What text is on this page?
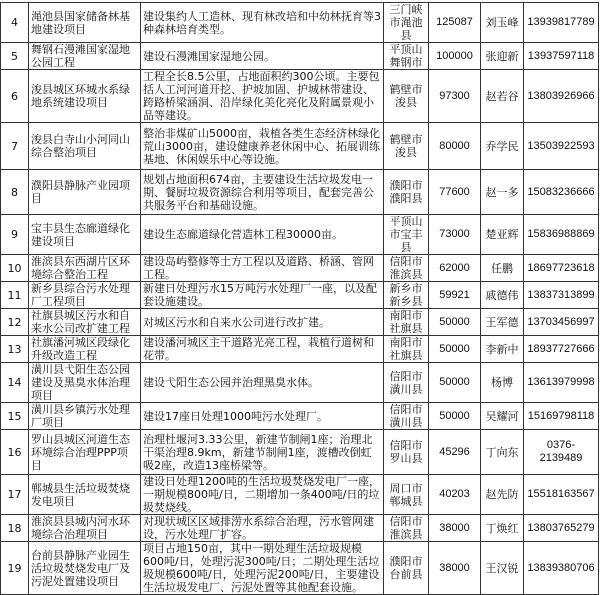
4	渑池县国家储备林基地建设项目	建设集约人工造林、现有林改培和中幼林抚育等3种森林培育类型。	三门峡市渑池县	125087	刘玉峰	13939817789
5	舞钢石漫滩国家湿地公园工程	建设石漫滩国家湿地公园。	平顶山舞钢市	100000	张迎新	13937597118
6	浚县城区环城水系绿地系统建设项目	工程全长8.5公里，占地面积约300公顷。主要包括人工河河道开挖、护坡加固、护城林带建设、跨路桥梁涵洞、沿岸绿化美化亮化及附属景观小品等建设。	鹤壁市浚县	97300	赵若谷	13803926966
7	浚县白寺山小河同山综合整治项目	整治非煤矿山5000亩，栽植各类生态经济林绿化荒山3000亩，建设健康养老休闲中心、拓展训练基地、休闲娱乐中心等设施。	鹤壁市浚县	80000	乔学民	13503922593
8	濮阳县静脉产业园项目	规划占地面积674亩，主要建设生活垃圾发电一期、餐厨垃圾资源综合利用等项目，配套完善公共服务平台和基础设施。	濮阳市濮阳县	77600	赵一多	15083236666
9	宝丰县生态廊道绿化建设项目	建设生态廊道绿化营造林工程30000亩。	平顶山市宝丰县	73000	楚亚辉	15836988869
10	淮滨县东西湖片区环境综合整治工程	建设岛屿整修等土方工程以及道路、桥涵、管网工程。	信阳市淮滨县	62000	任鹏	18697723618
11	新乡县综合污水处理厂工程项目	新建日处理污水15万吨污水处理厂一座，以及配套设施建设。	新乡市新乡县	59921	戚德伟	13837313899
12	社旗县城区污水和自来水公司改扩建工程	对城区污水和自来水公司进行改扩建。	南阳市社旗县	50000	王军德	13703456997
13	社旗潘河城区段绿化升级改造工程	建设潘河城区主干道路光亮工程，栽植行道树和花带。	南阳市社旗县	50000	李新中	18937727666
14	潢川县弋阳生态公园建设及黑臭水体治理项目	建设弋阳生态公园并治理黑臭水体。	信阳市潢川县	50000	杨博	13613979998
15	潢川县乡镇污水处理厂项目	建设17座日处理1000吨污水处理厂。	信阳市潢川县	50000	吴耀河	15169798118
16	罗山县城区河道生态环境综合治理PPP项目	治理杜堰河3.33公里，新建节制闸1座；治理北干渠治理8.9km，新建节制闸1座，渡槽改倒虹吸2座，改造13座桥梁等。	信阳市罗山县	45296	丁向东	0376-2139489
17	郸城县生活垃圾焚烧发电项目	建设日处理1200吨的生活垃圾焚烧发电厂一座，一期规模800吨/日，二期增加一条400吨/日的垃圾焚烧线。	周口市郸城县	40203	赵先防	15518163567
18	淮滨县县城内河水环境综合治理项目	对现状城区区域排涝水系综合治理，污水管网建设，污水处理厂扩容。	信阳市淮滨县	38000	丁焕红	13803765279
19	台前县静脉产业园生活垃圾焚烧发电厂及污泥处置建设项目	项目占地150亩，其中一期处理生活垃圾规模600吨/日，处理污泥300吨/日；二期处理生活垃圾规模600吨/日，处理污泥200吨/日，主要建设生活垃圾发电厂、污泥处置等其他配套设施。	濮阳市台前县	38000	王汉锐	13839380706
